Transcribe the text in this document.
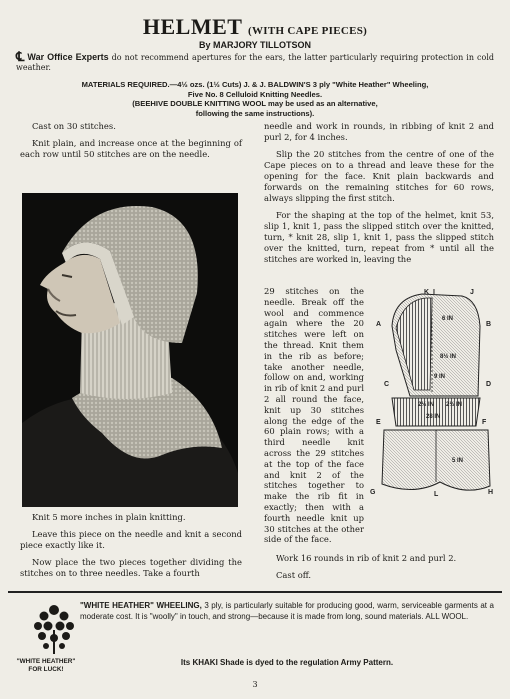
HELMET (WITH CAPE PIECES)
By MARJORY TILLOTSON
℄ War Office Experts do not recommend apertures for the ears, the latter particularly requiring protection in cold weather.
MATERIALS REQUIRED.—4½ ozs. (1½ Cuts) J. & J. BALDWIN'S 3 ply "White Heather" Wheeling,
Five No. 8 Celluloid Knitting Needles.
(BEEHIVE DOUBLE KNITTING WOOL may be used as an alternative,
following the same instructions).

Cast on 30 stitches.

Knit plain, and increase once at the beginning of each row until 50 stitches are on the needle.

Knit 5 more inches in plain knitting.

Leave this piece on the needle and knit a second piece exactly like it.

Now place the two pieces together dividing the stitches on to three needles. Take a fourth

needle and work in rounds, in ribbing of knit 2 and purl 2, for 4 inches.

Slip the 20 stitches from the centre of one of the Cape pieces on to a thread and leave these for the opening for the face. Knit plain backwards and forwards on the remaining stitches for 60 rows, always slipping the first stitch.

For the shaping at the top of the helmet, knit 53, slip 1, knit 1, pass the slipped stitch over the knitted, turn, * knit 28, slip 1, knit 1, pass the slipped stitch over the knitted, turn, repeat from * until all the stitches are worked in, leaving the

29 stitches on the needle. Break off the wool and commence again where the 20 stitches were left on the thread. Knit them in the rib as before; take another needle, follow on and, working in rib of knit 2 and purl 2 all round the face, knit up 30 stitches along the edge of the 60 plain rows; with a third needle knit across the 29 stitches at the top of the face and knit 2 of the stitches together to make the rib fit in exactly; then with a fourth needle knit up 30 stitches at the other side of the face.

Work 16 rounds in rib of knit 2 and purl 2.

Cast off.

K I	J
A	B
C	D
E	F
G	H
L
6 IN
8½ IN
9 IN
2½ IN 2½ IN
28 IN
5 IN
"WHITE HEATHER"
FOR LUCK!
"WHITE HEATHER" WHEELING, 3 ply, is particularly suitable for producing good, warm, serviceable garments at a moderate cost. It is "woolly" in touch, and strong—because it is made from long, sound materials. ALL WOOL.
Its KHAKI Shade is dyed to the regulation Army Pattern.
3
